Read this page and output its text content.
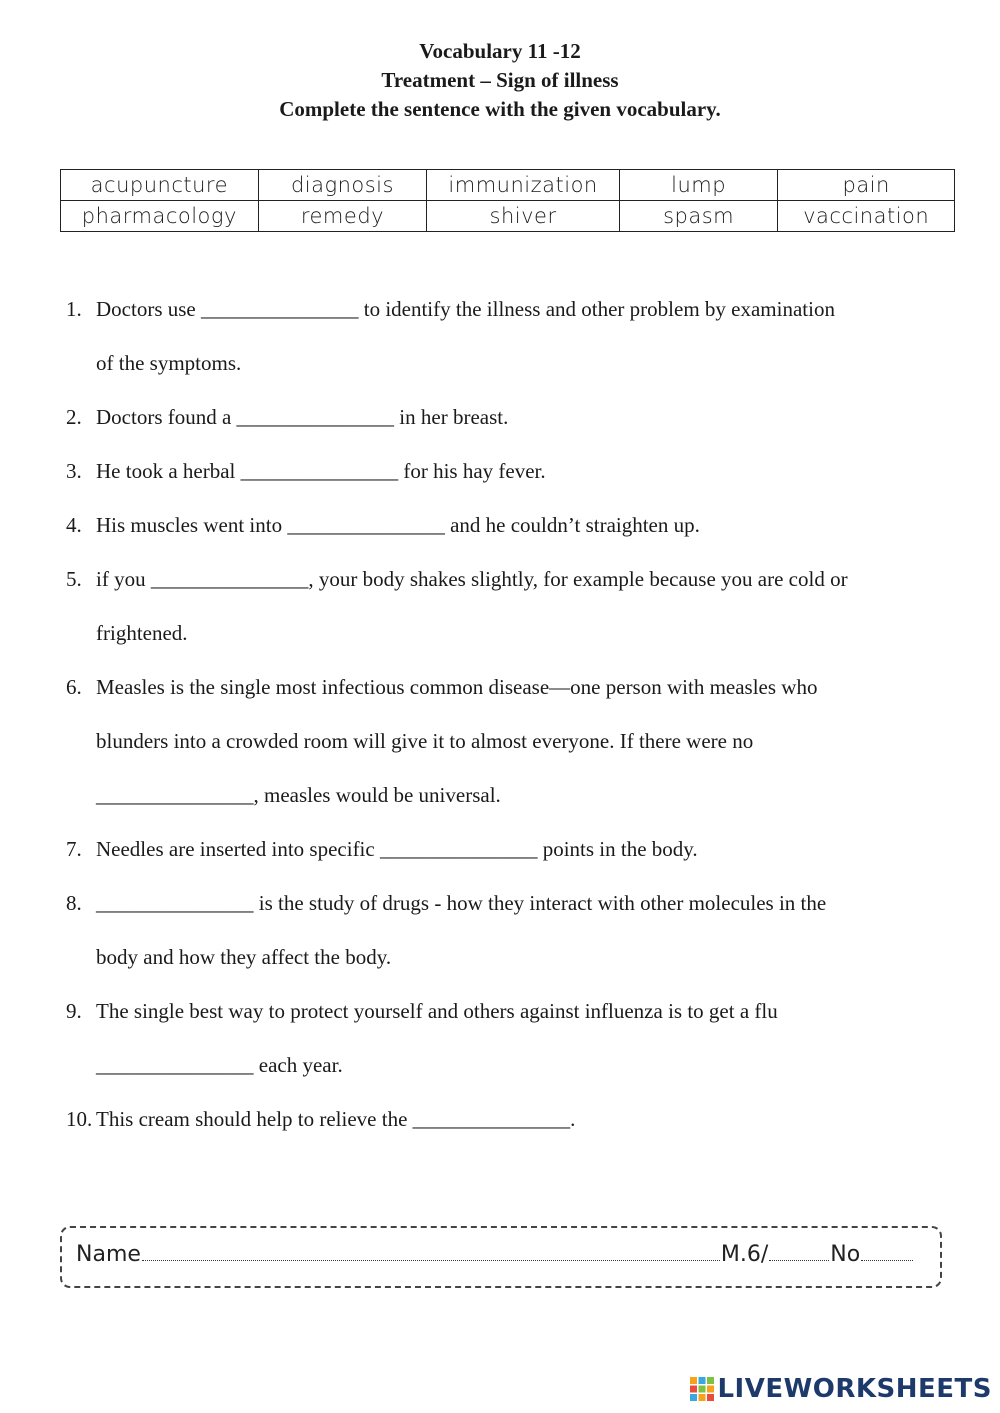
Vocabulary 11 -12
Treatment – Sign of illness
Complete the sentence with the given vocabulary.
acupuncture	diagnosis	immunization	lump	pain
pharmacology	remedy	shiver	spasm	vaccination
1. Doctors use _______________ to identify the illness and other problem by examination
of the symptoms.
2. Doctors found a _______________ in her breast.
3. He took a herbal _______________ for his hay fever.
4. His muscles went into _______________ and he couldn’t straighten up.
5. if you _______________, your body shakes slightly, for example because you are cold or
frightened.
6. Measles is the single most infectious common disease—one person with measles who
blunders into a crowded room will give it to almost everyone. If there were no
_______________, measles would be universal.
7. Needles are inserted into specific _______________ points in the body.
8. _______________ is the study of drugs - how they interact with other molecules in the
body and how they affect the body.
9. The single best way to protect yourself and others against influenza is to get a flu
_______________ each year.
10. This cream should help to relieve the _______________.
Name	M.6/	No
LIVEWORKSHEETS
